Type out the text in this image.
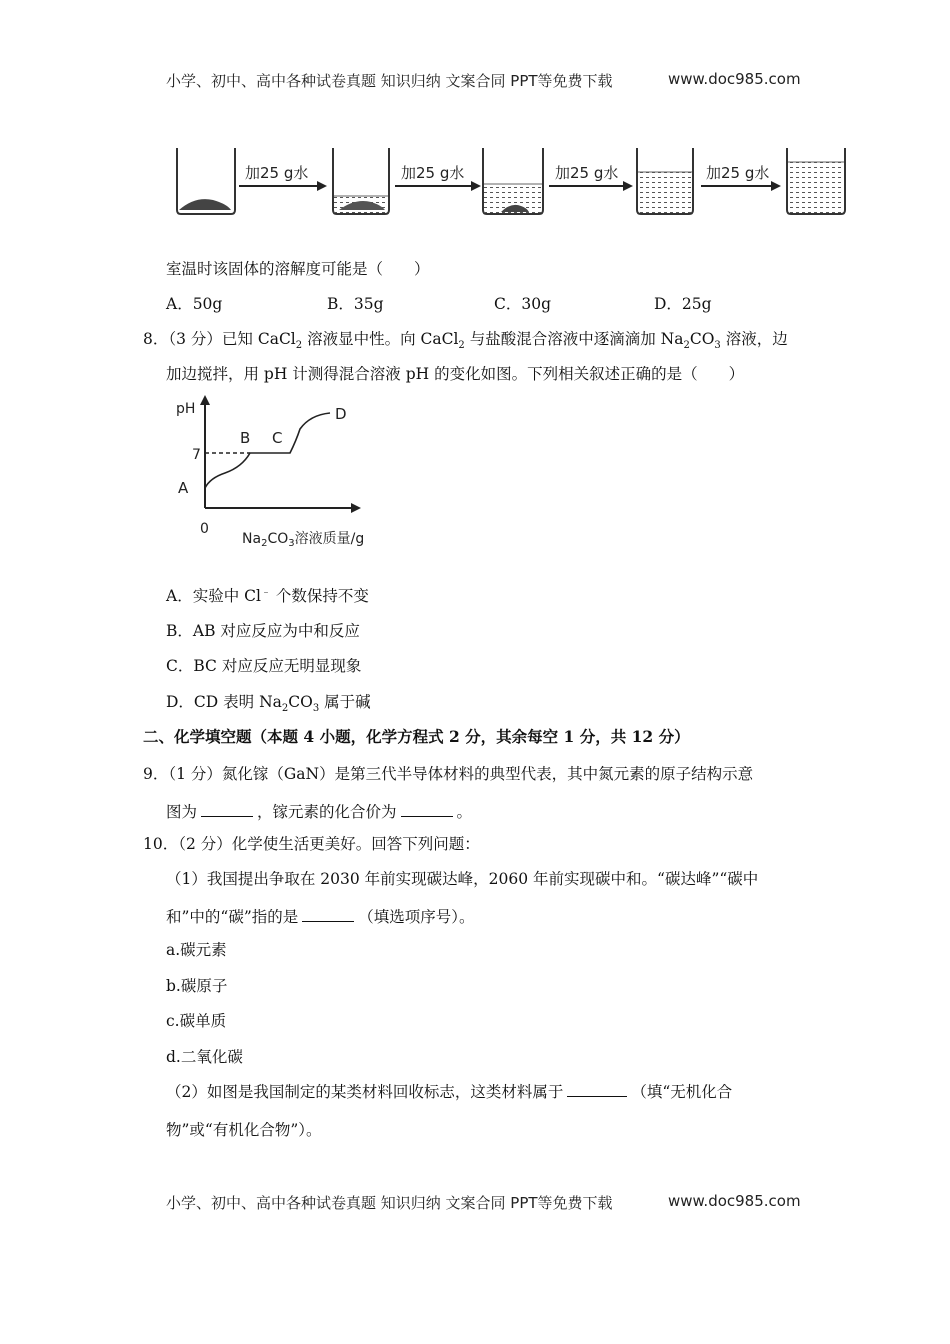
小学、初中、高中各种试卷真题 知识归纳 文案合同 PPT等免费下载	www.doc985.com
加25 g水	加25 g水	加25 g水	加25 g水
室温时该固体的溶解度可能是（　　）
A．50g	B．35g	C．30g	D．25g
8．（3 分）已知 CaCl$_2$ 溶液显中性。向 CaCl$_2$ 与盐酸混合溶液中逐滴滴加 $Na_2CO_3$ 溶液，边
加边搅拌，用 pH 计测得混合溶液 pH 的变化如图。下列相关叙述正确的是（　　）
pH
7
0
A
B C
D
$Na_2CO_3$溶液质量/g
A．实验中 Cl﹣ 个数保持不变
B．AB 对应反应为中和反应
C．BC 对应反应无明显现象
D．CD 表明 $Na_2CO_3$ 属于碱
二、化学填空题（本题 4 小题，化学方程式 2 分，其余每空 1 分，共 12 分）
9．（1 分）氮化镓（GaN）是第三代半导体材料的典型代表，其中氮元素的原子结构示意
图为	，镓元素的化合价为	。
10．（2 分）化学使生活更美好。回答下列问题：
（1）我国提出争取在 2030 年前实现碳达峰，2060 年前实现碳中和。“碳达峰”“碳中
和”中的“碳”指的是	（填选项序号）。
a.碳元素
b.碳原子
c.碳单质
d.二氧化碳
（2）如图是我国制定的某类材料回收标志，这类材料属于	（填“无机化合
物”或“有机化合物”）。
小学、初中、高中各种试卷真题 知识归纳 文案合同 PPT等免费下载	www.doc985.com
